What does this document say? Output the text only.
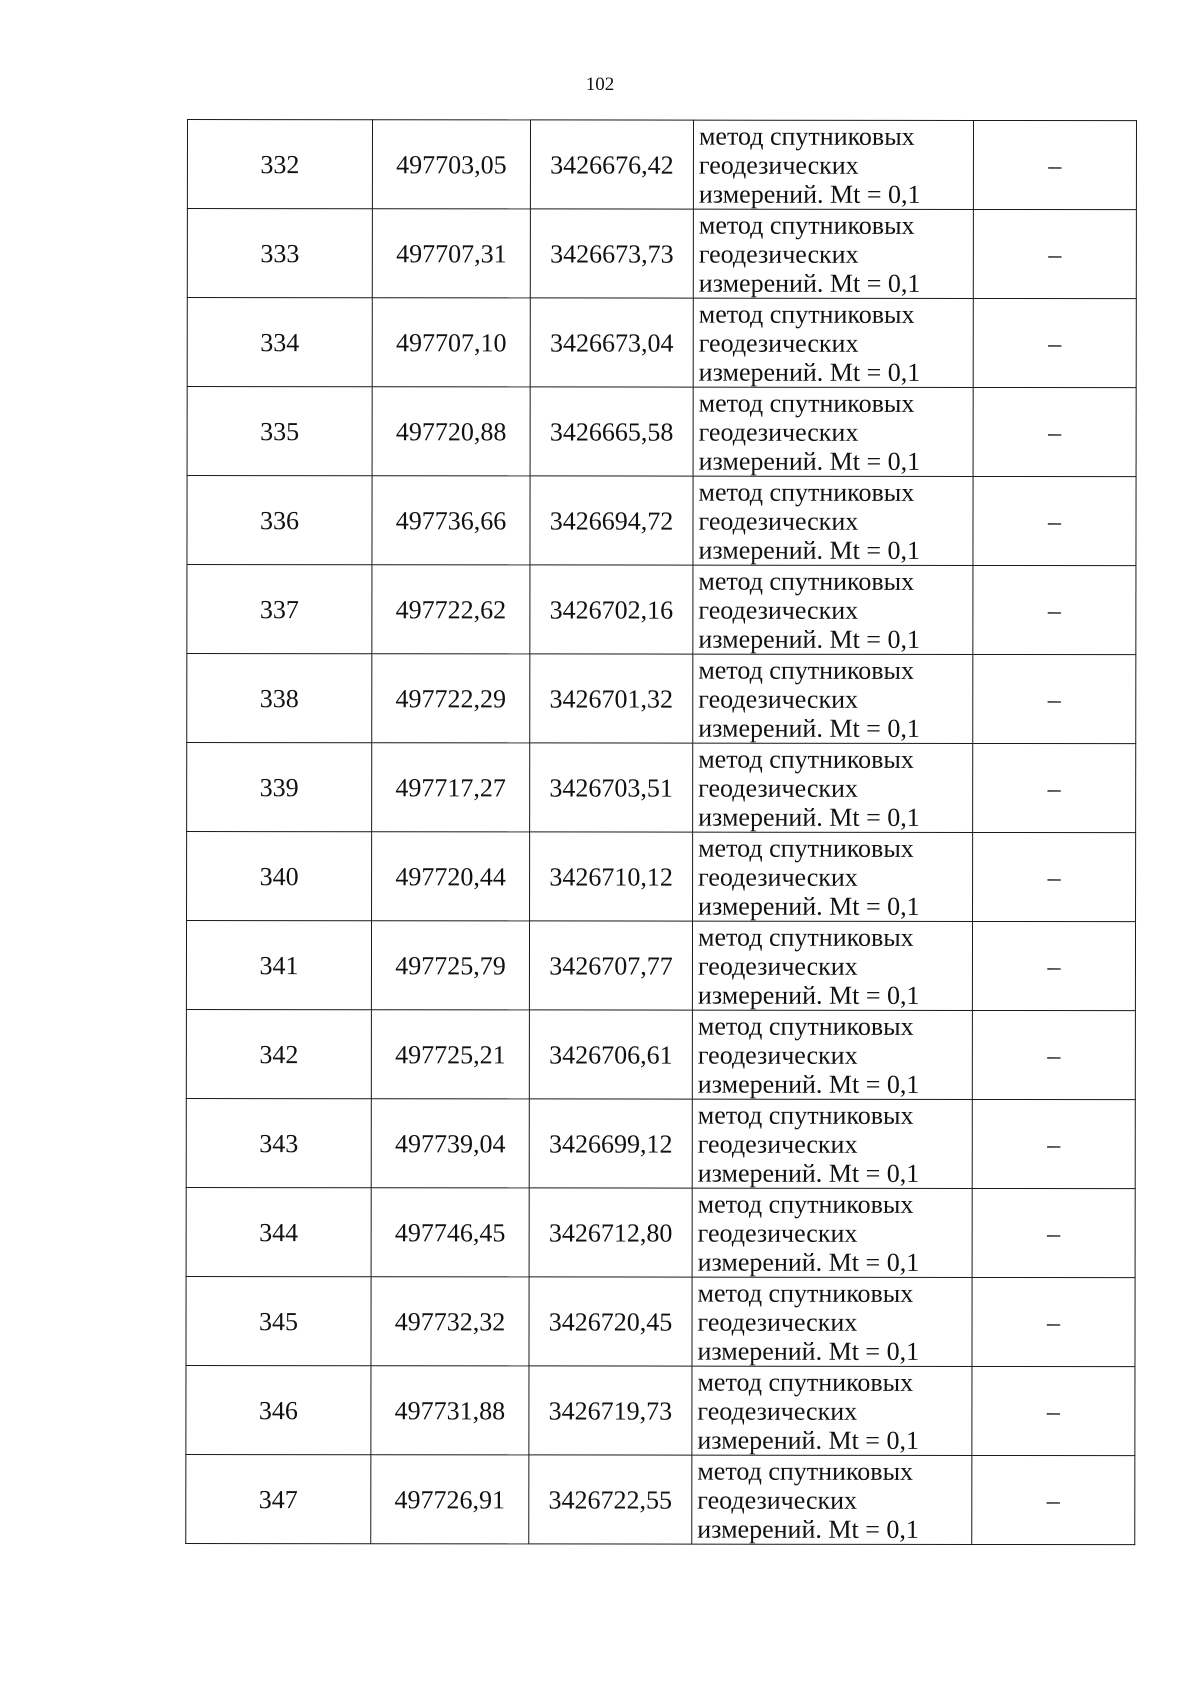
102
332	497703,05	3426676,42	метод спутниковых
геодезических
измерений. Mt = 0,1	–
333	497707,31	3426673,73	метод спутниковых
геодезических
измерений. Mt = 0,1	–
334	497707,10	3426673,04	метод спутниковых
геодезических
измерений. Mt = 0,1	–
335	497720,88	3426665,58	метод спутниковых
геодезических
измерений. Mt = 0,1	–
336	497736,66	3426694,72	метод спутниковых
геодезических
измерений. Mt = 0,1	–
337	497722,62	3426702,16	метод спутниковых
геодезических
измерений. Mt = 0,1	–
338	497722,29	3426701,32	метод спутниковых
геодезических
измерений. Mt = 0,1	–
339	497717,27	3426703,51	метод спутниковых
геодезических
измерений. Mt = 0,1	–
340	497720,44	3426710,12	метод спутниковых
геодезических
измерений. Mt = 0,1	–
341	497725,79	3426707,77	метод спутниковых
геодезических
измерений. Mt = 0,1	–
342	497725,21	3426706,61	метод спутниковых
геодезических
измерений. Mt = 0,1	–
343	497739,04	3426699,12	метод спутниковых
геодезических
измерений. Mt = 0,1	–
344	497746,45	3426712,80	метод спутниковых
геодезических
измерений. Mt = 0,1	–
345	497732,32	3426720,45	метод спутниковых
геодезических
измерений. Mt = 0,1	–
346	497731,88	3426719,73	метод спутниковых
геодезических
измерений. Mt = 0,1	–
347	497726,91	3426722,55	метод спутниковых
геодезических
измерений. Mt = 0,1	–
